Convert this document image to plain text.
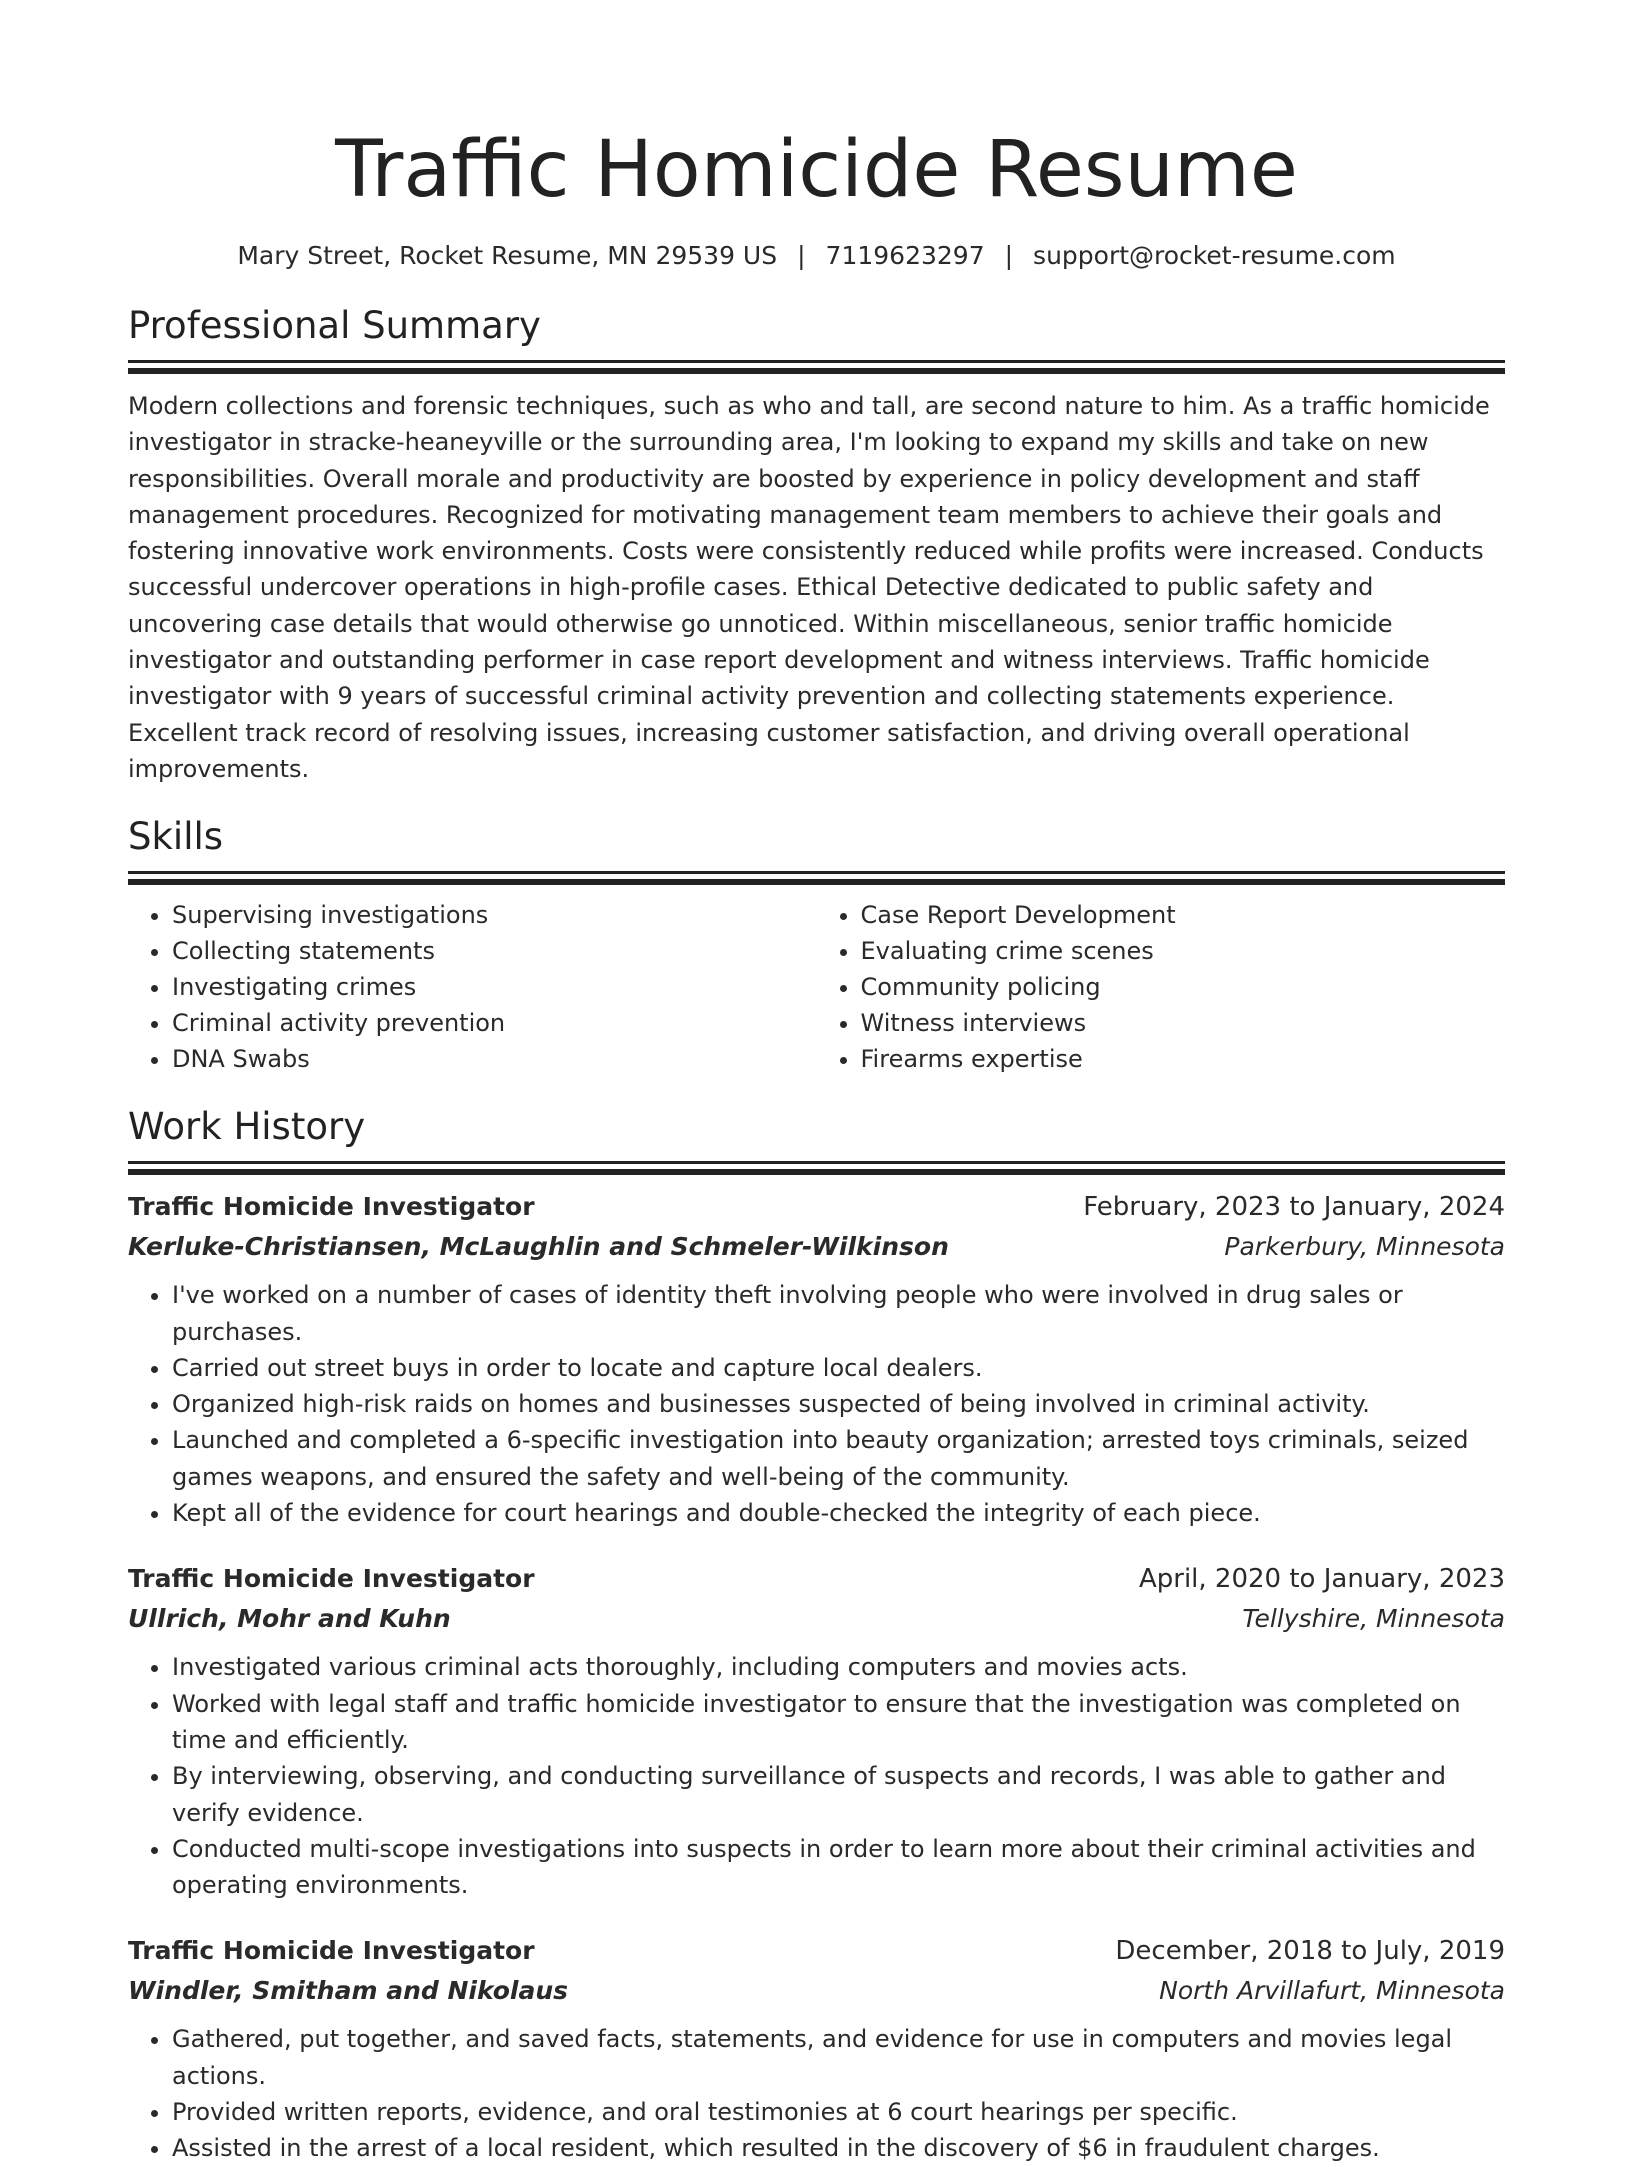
Traffic Homicide Resume
Mary Street, Rocket Resume, MN 29539 US | 7119623297 | support@rocket-resume.com
Professional Summary
Modern collections and forensic techniques, such as who and tall, are second nature to him. As a traffic homicide investigator in stracke-heaneyville or the surrounding area, I'm looking to expand my skills and take on new responsibilities. Overall morale and productivity are boosted by experience in policy development and staff management procedures. Recognized for motivating management team members to achieve their goals and fostering innovative work environments. Costs were consistently reduced while profits were increased. Conducts successful undercover operations in high-profile cases. Ethical Detective dedicated to public safety and uncovering case details that would otherwise go unnoticed. Within miscellaneous, senior traffic homicide investigator and outstanding performer in case report development and witness interviews. Traffic homicide investigator with 9 years of successful criminal activity prevention and collecting statements experience. Excellent track record of resolving issues, increasing customer satisfaction, and driving overall operational improvements.
Skills
• Supervising investigations
• Collecting statements
• Investigating crimes
• Criminal activity prevention
• DNA Swabs
• Case Report Development
• Evaluating crime scenes
• Community policing
• Witness interviews
• Firearms expertise
Work History
Traffic Homicide Investigator	February, 2023 to January, 2024
Kerluke-Christiansen, McLaughlin and Schmeler-Wilkinson	Parkerbury, Minnesota
• I've worked on a number of cases of identity theft involving people who were involved in drug sales or purchases.
• Carried out street buys in order to locate and capture local dealers.
• Organized high-risk raids on homes and businesses suspected of being involved in criminal activity.
• Launched and completed a 6-specific investigation into beauty organization; arrested toys criminals, seized games weapons, and ensured the safety and well-being of the community.
• Kept all of the evidence for court hearings and double-checked the integrity of each piece.
Traffic Homicide Investigator	April, 2020 to January, 2023
Ullrich, Mohr and Kuhn	Tellyshire, Minnesota
• Investigated various criminal acts thoroughly, including computers and movies acts.
• Worked with legal staff and traffic homicide investigator to ensure that the investigation was completed on time and efficiently.
• By interviewing, observing, and conducting surveillance of suspects and records, I was able to gather and verify evidence.
• Conducted multi-scope investigations into suspects in order to learn more about their criminal activities and operating environments.
Traffic Homicide Investigator	December, 2018 to July, 2019
Windler, Smitham and Nikolaus	North Arvillafurt, Minnesota
• Gathered, put together, and saved facts, statements, and evidence for use in computers and movies legal actions.
• Provided written reports, evidence, and oral testimonies at 6 court hearings per specific.
• Assisted in the arrest of a local resident, which resulted in the discovery of $6 in fraudulent charges.
